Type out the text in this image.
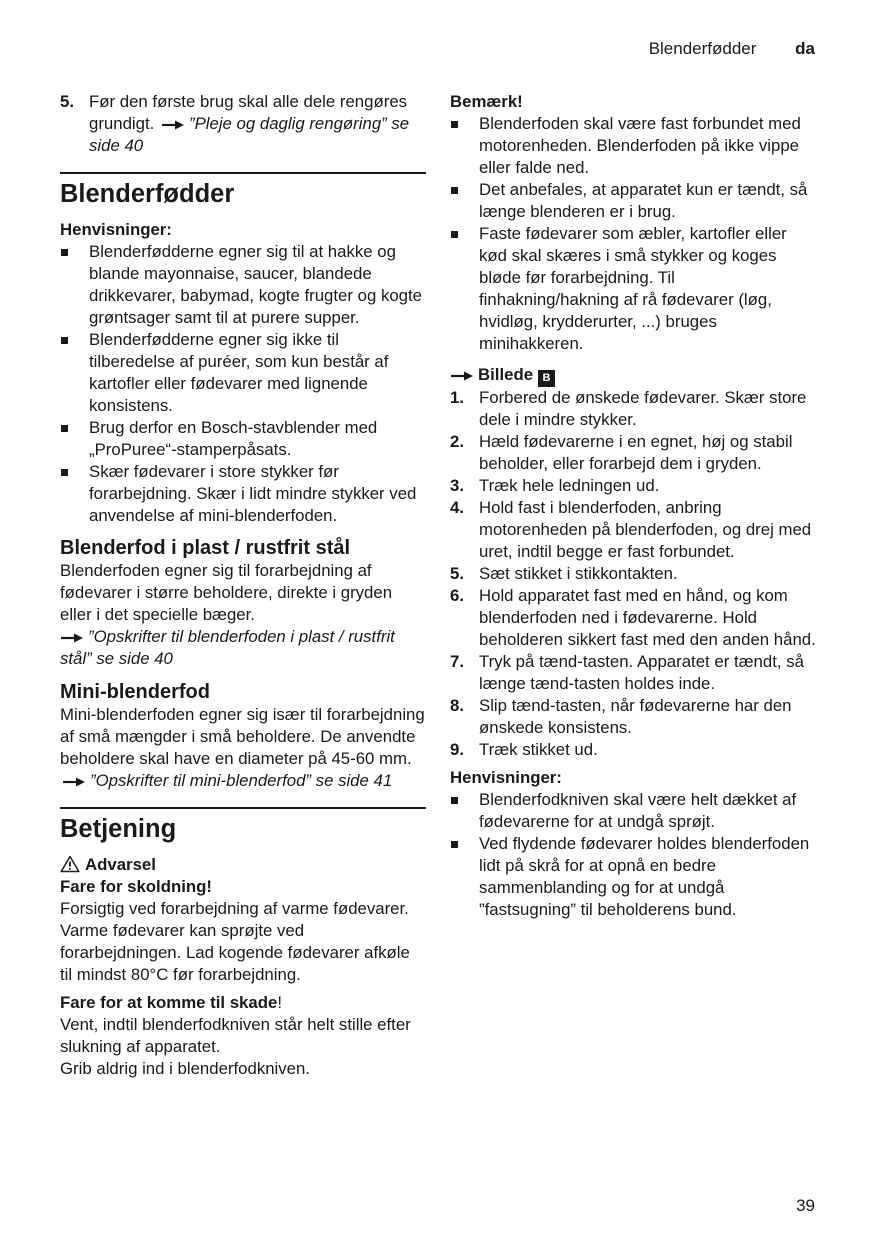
Blenderfødder da
5. Før den første brug skal alle dele rengøres grundigt. ”Pleje og daglig rengøring” se side 40
Blenderfødder
Henvisninger:
Blenderfødderne egner sig til at hakke og blande mayonnaise, saucer, blandede drikkevarer, babymad, kogte frugter og kogte grøntsager samt til at purere supper.
Blenderfødderne egner sig ikke til tilberedelse af puréer, som kun består af kartofler eller fødevarer med lignende konsistens.
Brug derfor en Bosch-stavblender med „ProPuree“-stamperpåsats.
Skær fødevarer i store stykker før forarbejdning. Skær i lidt mindre stykker ved anvendelse af mini-blenderfoden.
Blenderfod i plast / rustfrit stål
Blenderfoden egner sig til forarbejdning af fødevarer i større beholdere, direkte i gryden eller i det specielle bæger.
”Opskrifter til blenderfoden i plast / rustfrit stål” se side 40
Mini-blenderfod
Mini-blenderfoden egner sig især til forarbejdning af små mængder i små beholdere. De anvendte beholdere skal have en diameter på 45-60 mm. ”Opskrifter til mini-blenderfod” se side 41
Betjening
Advarsel
Fare for skoldning!
Forsigtig ved forarbejdning af varme fødevarer. Varme fødevarer kan sprøjte ved forarbejdningen. Lad kogende fødevarer afkøle til mindst 80°C før forarbejdning.
Fare for at komme til skade!
Vent, indtil blenderfodkniven står helt stille efter slukning af apparatet.
Grib aldrig ind i blenderfodkniven.
Bemærk!
Blenderfoden skal være fast forbundet med motorenheden. Blenderfoden på ikke vippe eller falde ned.
Det anbefales, at apparatet kun er tændt, så længe blenderen er i brug.
Faste fødevarer som æbler, kartofler eller kød skal skæres i små stykker og koges bløde før forarbejdning. Til finhakning/hakning af rå fødevarer (løg, hvidløg, krydderurter, ...) bruges minihakkeren.
Billede B
1. Forbered de ønskede fødevarer. Skær store dele i mindre stykker.
2. Hæld fødevarerne i en egnet, høj og stabil beholder, eller forarbejd dem i gryden.
3. Træk hele ledningen ud.
4. Hold fast i blenderfoden, anbring motorenheden på blenderfoden, og drej med uret, indtil begge er fast forbundet.
5. Sæt stikket i stikkontakten.
6. Hold apparatet fast med en hånd, og kom blenderfoden ned i fødevarerne. Hold beholderen sikkert fast med den anden hånd.
7. Tryk på tænd-tasten. Apparatet er tændt, så længe tænd-tasten holdes inde.
8. Slip tænd-tasten, når fødevarerne har den ønskede konsistens.
9. Træk stikket ud.
Henvisninger:
Blenderfodkniven skal være helt dækket af fødevarerne for at undgå sprøjt.
Ved flydende fødevarer holdes blenderfoden lidt på skrå for at opnå en bedre sammenblanding og for at undgå ”fastsugning” til beholderens bund.
39
